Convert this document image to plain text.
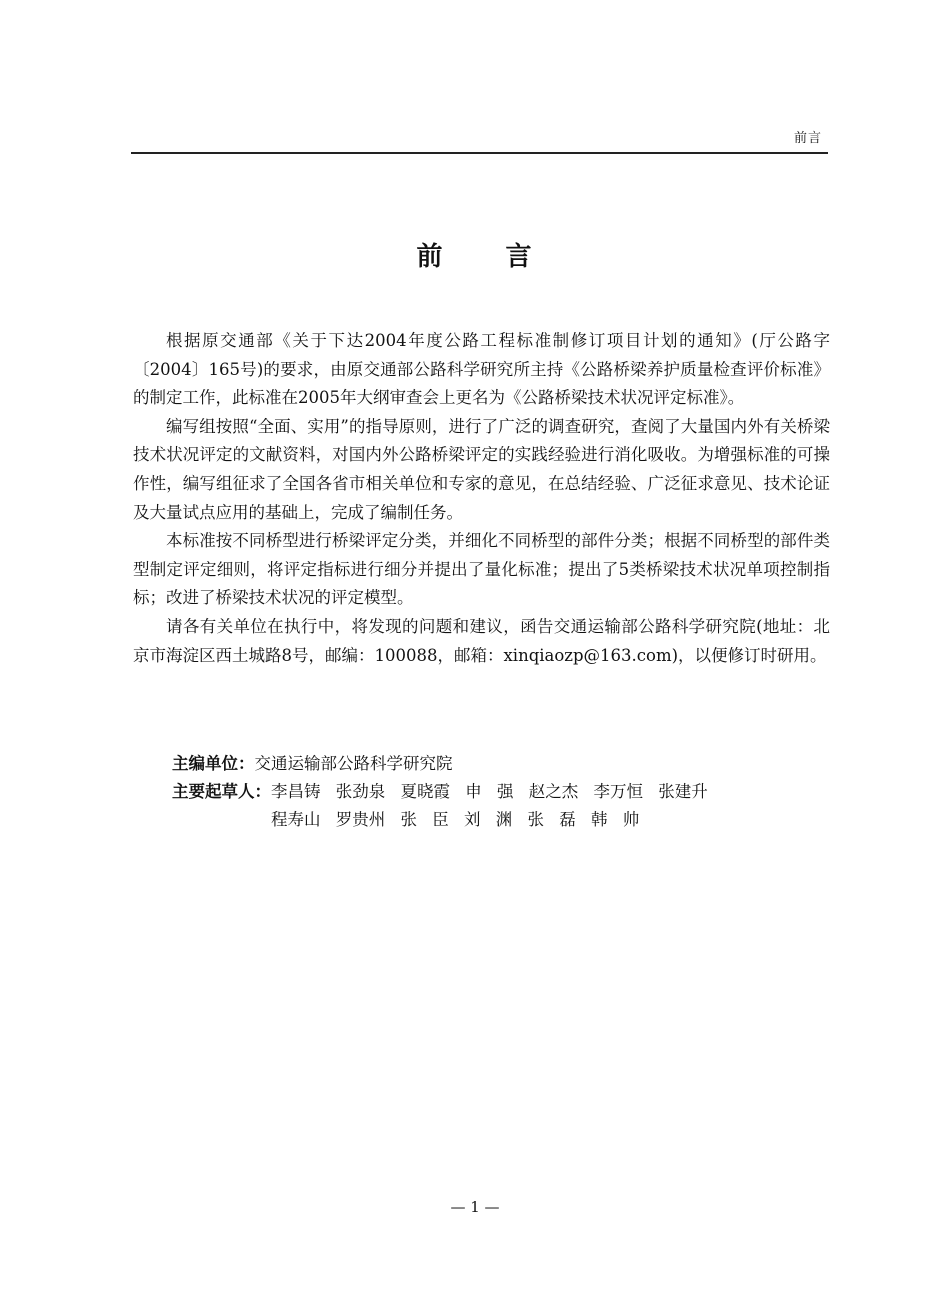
前言
前 言

根据原交通部《关于下达2004年度公路工程标准制修订项目计划的通知》(厅公路字〔2004〕165号)的要求，由原交通部公路科学研究所主持《公路桥梁养护质量检查评价标准》的制定工作，此标准在2005年大纲审查会上更名为《公路桥梁技术状况评定标准》。

编写组按照“全面、实用”的指导原则，进行了广泛的调查研究，查阅了大量国内外有关桥梁技术状况评定的文献资料，对国内外公路桥梁评定的实践经验进行消化吸收。为增强标准的可操作性，编写组征求了全国各省市相关单位和专家的意见，在总结经验、广泛征求意见、技术论证及大量试点应用的基础上，完成了编制任务。

本标准按不同桥型进行桥梁评定分类，并细化不同桥型的部件分类；根据不同桥型的部件类型制定评定细则，将评定指标进行细分并提出了量化标准；提出了5类桥梁技术状况单项控制指标；改进了桥梁技术状况的评定模型。

请各有关单位在执行中，将发现的问题和建议，函告交通运输部公路科学研究院(地址：北京市海淀区西土城路8号，邮编：100088，邮箱：xinqiaozp@163.com)，以便修订时研用。

主编单位：交通运输部公路科学研究院
主要起草人：李昌铸 张劲泉 夏晓霞 申 强 赵之杰 李万恒 张建升
程寿山 罗贵州 张 臣 刘 渊 张 磊 韩 帅
— 1 —
